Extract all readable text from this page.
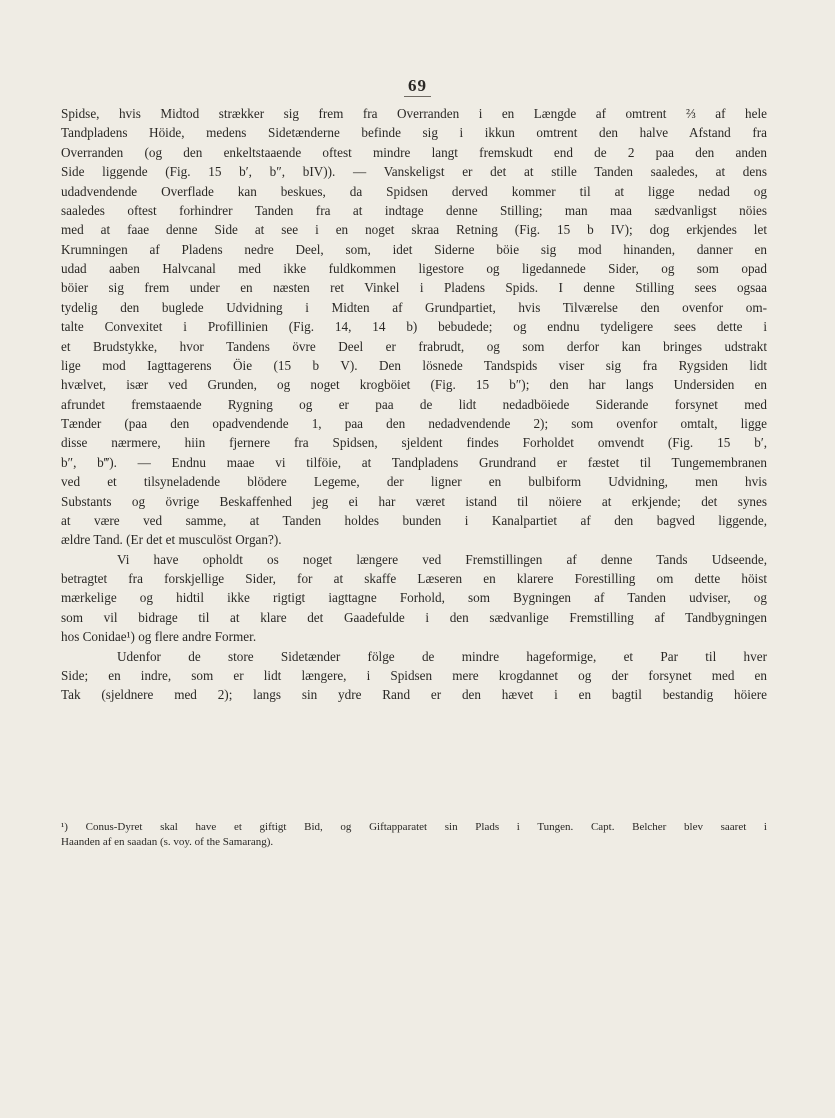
69
Spidse, hvis Midtod strækker sig frem fra Overranden i en Længde af omtrent ⅔ af hele
Tandpladens Höide, medens Sidetænderne befinde sig i ikkun omtrent den halve Afstand fra
Overranden (og den enkeltstaaende oftest mindre langt fremskudt end de 2 paa den anden
Side liggende (Fig. 15 b′, b″, bIV)). — Vanskeligst er det at stille Tanden saaledes, at dens
udadvendende Overflade kan beskues, da Spidsen derved kommer til at ligge nedad og
saaledes oftest forhindrer Tanden fra at indtage denne Stilling; man maa sædvanligst nöies
med at faae denne Side at see i en noget skraa Retning (Fig. 15 b IV); dog erkjendes let
Krumningen af Pladens nedre Deel, som, idet Siderne böie sig mod hinanden, danner en
udad aaben Halvcanal med ikke fuldkommen ligestore og ligedannede Sider, og som opad
böier sig frem under en næsten ret Vinkel i Pladens Spids. I denne Stilling sees ogsaa
tydelig den buglede Udvidning i Midten af Grundpartiet, hvis Tilværelse den ovenfor om-
talte Convexitet i Profillinien (Fig. 14, 14 b) bebudede; og endnu tydeligere sees dette i
et Brudstykke, hvor Tandens övre Deel er frabrudt, og som derfor kan bringes udstrakt
lige mod Iagttagerens Öie (15 b V). Den lösnede Tandspids viser sig fra Rygsiden lidt
hvælvet, især ved Grunden, og noget krogböiet (Fig. 15 b″); den har langs Undersiden en
afrundet fremstaaende Rygning og er paa de lidt nedadböiede Siderande forsynet med
Tænder (paa den opadvendende 1, paa den nedadvendende 2); som ovenfor omtalt, ligge
disse nærmere, hiin fjernere fra Spidsen, sjeldent findes Forholdet omvendt (Fig. 15 b′,
b″, b‴). — Endnu maae vi tilföie, at Tandpladens Grundrand er fæstet til Tungemembranen
ved et tilsyneladende blödere Legeme, der ligner en bulbiform Udvidning, men hvis
Substants og övrige Beskaffenhed jeg ei har været istand til nöiere at erkjende; det synes
at være ved samme, at Tanden holdes bunden i Kanalpartiet af den bagved liggende,
ældre Tand. (Er det et musculöst Organ?).
Vi have opholdt os noget længere ved Fremstillingen af denne Tands Udseende,
betragtet fra forskjellige Sider, for at skaffe Læseren en klarere Forestilling om dette höist
mærkelige og hidtil ikke rigtigt iagttagne Forhold, som Bygningen af Tanden udviser, og
som vil bidrage til at klare det Gaadefulde i den sædvanlige Fremstilling af Tandbygningen
hos Conidae¹) og flere andre Former.
Udenfor de store Sidetænder fölge de mindre hageformige, et Par til hver
Side; en indre, som er lidt længere, i Spidsen mere krogdannet og der forsynet med en
Tak (sjeldnere med 2); langs sin ydre Rand er den hævet i en bagtil bestandig höiere
¹) Conus-Dyret skal have et giftigt Bid, og Giftapparatet sin Plads i Tungen. Capt. Belcher blev saaret i
Haanden af en saadan (s. voy. of the Samarang).
